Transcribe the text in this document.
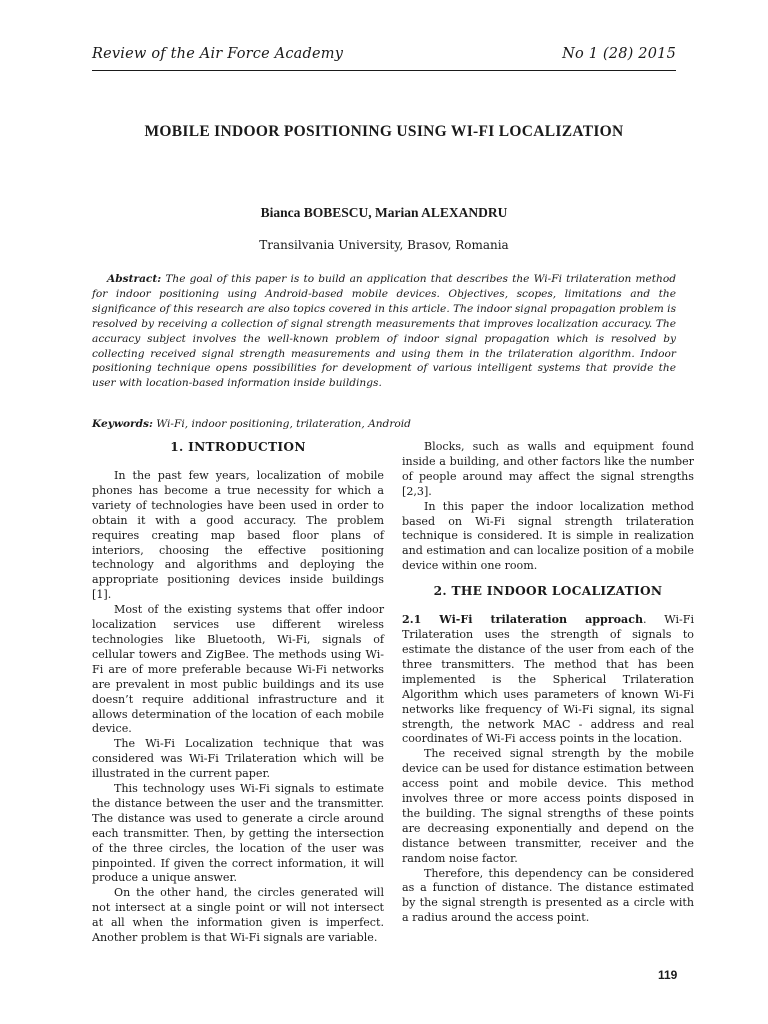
Review of the Air Force Academy	No 1 (28) 2015
MOBILE INDOOR POSITIONING USING WI-FI LOCALIZATION
Bianca BOBESCU, Marian ALEXANDRU
Transilvania University, Brasov, Romania
Abstract: The goal of this paper is to build an application that describes the Wi-Fi trilateration method for indoor positioning using Android-based mobile devices. Objectives, scopes, limitations and the significance of this research are also topics covered in this article. The indoor signal propagation problem is resolved by receiving a collection of signal strength measurements that improves localization accuracy. The accuracy subject involves the well-known problem of indoor signal propagation which is resolved by collecting received signal strength measurements and using them in the trilateration algorithm. Indoor positioning technique opens possibilities for development of various intelligent systems that provide the user with location-based information inside buildings.
Keywords: Wi-Fi, indoor positioning, trilateration, Android
1. INTRODUCTION

In the past few years, localization of mobile phones has become a true necessity for which a variety of technologies have been used in order to obtain it with a good accuracy. The problem requires creating map based floor plans of interiors, choosing the effective positioning technology and algorithms and deploying the appropriate positioning devices inside buildings [1].

Most of the existing systems that offer indoor localization services use different wireless technologies like Bluetooth, Wi-Fi, signals of cellular towers and ZigBee. The methods using Wi-Fi are of more preferable because Wi-Fi networks are prevalent in most public buildings and its use doesn’t require additional infrastructure and it allows determination of the location of each mobile device.

The Wi-Fi Localization technique that was considered was Wi-Fi Trilateration which will be illustrated in the current paper.

This technology uses Wi-Fi signals to estimate the distance between the user and the transmitter. The distance was used to generate a circle around each transmitter. Then, by getting the intersection of the three circles, the location of the user was pinpointed. If given the correct information, it will produce a unique answer.

On the other hand, the circles generated will not intersect at a single point or will not intersect at all when the information given is imperfect. Another problem is that Wi-Fi signals are variable.

Blocks, such as walls and equipment found inside a building, and other factors like the number of people around may affect the signal strengths [2,3].

In this paper the indoor localization method based on Wi-Fi signal strength trilateration technique is considered. It is simple in realization and estimation and can localize position of a mobile device within one room.

2. THE INDOOR LOCALIZATION

2.1 Wi-Fi trilateration approach. Wi-Fi Trilateration uses the strength of signals to estimate the distance of the user from each of the three transmitters. The method that has been implemented is the Spherical Trilateration Algorithm which uses parameters of known Wi-Fi networks like frequency of Wi-Fi signal, its signal strength, the network MAC - address and real coordinates of Wi-Fi access points in the location.

The received signal strength by the mobile device can be used for distance estimation between access point and mobile device. This method involves three or more access points disposed in the building. The signal strengths of these points are decreasing exponentially and depend on the distance between transmitter, receiver and the random noise factor.

Therefore, this dependency can be considered as a function of distance. The distance estimated by the signal strength is presented as a circle with a radius around the access point.

119
